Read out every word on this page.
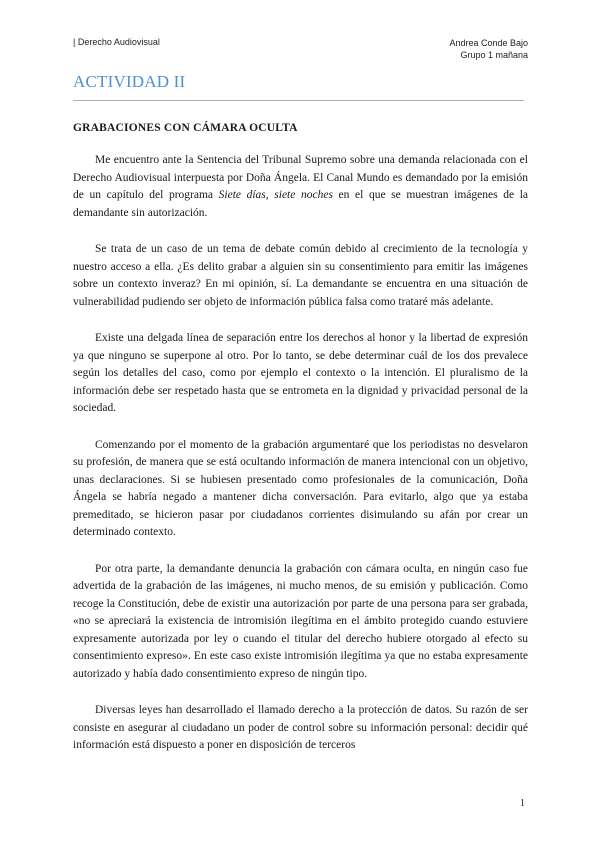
| Derecho Audiovisual	Andrea Conde Bajo
Grupo 1 mañana
ACTIVIDAD II
GRABACIONES CON CÁMARA OCULTA

Me encuentro ante la Sentencia del Tribunal Supremo sobre una demanda relacionada con el Derecho Audiovisual interpuesta por Doña Ángela. El Canal Mundo es demandado por la emisión de un capítulo del programa Siete días, siete noches en el que se muestran imágenes de la demandante sin autorización.

Se trata de un caso de un tema de debate común debido al crecimiento de la tecnología y nuestro acceso a ella. ¿Es delito grabar a alguien sin su consentimiento para emitir las imágenes sobre un contexto inveraz? En mi opinión, sí. La demandante se encuentra en una situación de vulnerabilidad pudiendo ser objeto de información pública falsa como trataré más adelante.

Existe una delgada línea de separación entre los derechos al honor y la libertad de expresión ya que ninguno se superpone al otro. Por lo tanto, se debe determinar cuál de los dos prevalece según los detalles del caso, como por ejemplo el contexto o la intención. El pluralismo de la información debe ser respetado hasta que se entrometa en la dignidad y privacidad personal de la sociedad.

Comenzando por el momento de la grabación argumentaré que los periodistas no desvelaron su profesión, de manera que se está ocultando información de manera intencional con un objetivo, unas declaraciones. Si se hubiesen presentado como profesionales de la comunicación, Doña Ángela se habría negado a mantener dicha conversación. Para evitarlo, algo que ya estaba premeditado, se hicieron pasar por ciudadanos corrientes disimulando su afán por crear un determinado contexto.

Por otra parte, la demandante denuncia la grabación con cámara oculta, en ningún caso fue advertida de la grabación de las imágenes, ni mucho menos, de su emisión y publicación. Como recoge la Constitución, debe de existir una autorización por parte de una persona para ser grabada, «no se apreciará la existencia de intromisión ilegítima en el ámbito protegido cuando estuviere expresamente autorizada por ley o cuando el titular del derecho hubiere otorgado al efecto su consentimiento expreso». En este caso existe intromisión ilegítima ya que no estaba expresamente autorizado y había dado consentimiento expreso de ningún tipo.

Diversas leyes han desarrollado el llamado derecho a la protección de datos. Su razón de ser consiste en asegurar al ciudadano un poder de control sobre su información personal: decidir qué información está dispuesto a poner en disposición de terceros

1
